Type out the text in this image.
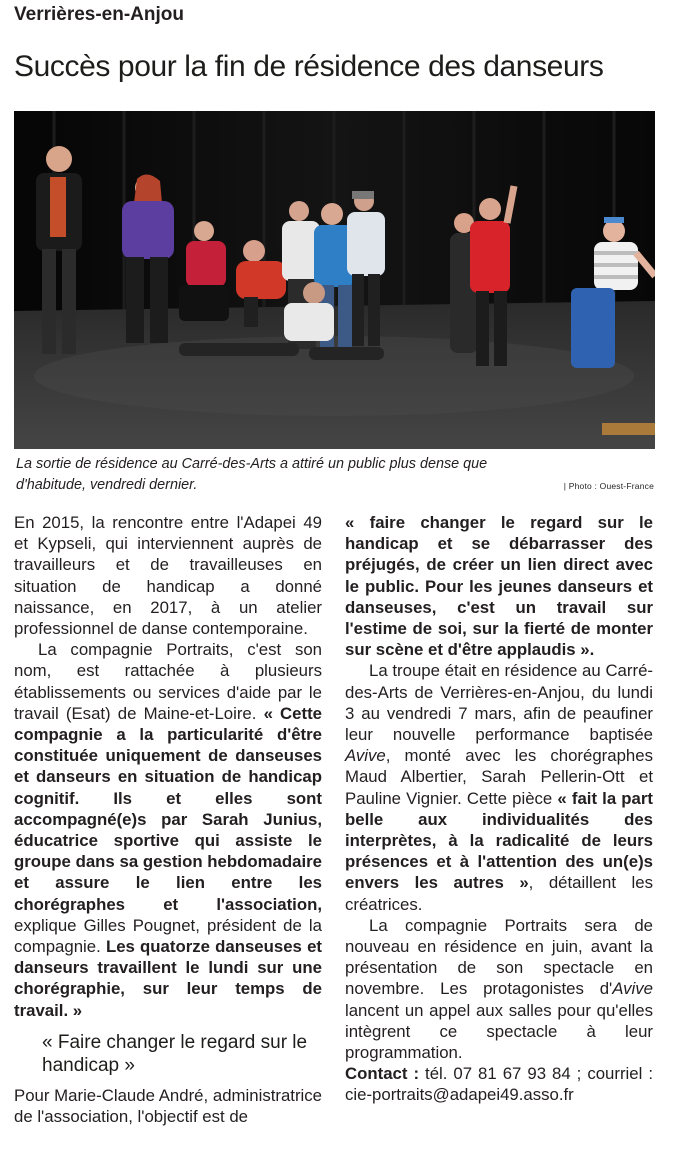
Verrières-en-Anjou
Succès pour la fin de résidence des danseurs
La sortie de résidence au Carré-des-Arts a attiré un public plus dense que d'habitude, vendredi dernier.	| Photo : Ouest-France

En 2015, la rencontre entre l'Adapei 49 et Kypseli, qui interviennent auprès de travailleurs et de travailleuses en situation de handicap a donné naissance, en 2017, à un atelier professionnel de danse contemporaine.

La compagnie Portraits, c'est son nom, est rattachée à plusieurs établissements ou services d'aide par le travail (Esat) de Maine-et-Loire. « Cette compagnie a la particularité d'être constituée uniquement de danseuses et danseurs en situation de handicap cognitif. Ils et elles sont accompagné(e)s par Sarah Junius, éducatrice sportive qui assiste le groupe dans sa gestion hebdomadaire et assure le lien entre les chorégraphes et l'association, explique Gilles Pougnet, président de la compagnie. Les quatorze danseuses et danseurs travaillent le lundi sur une chorégraphie, sur leur temps de travail. »

« Faire changer le regard sur le handicap »

Pour Marie-Claude André, administratrice de l'association, l'objectif est de

« faire changer le regard sur le handicap et se débarrasser des préjugés, de créer un lien direct avec le public. Pour les jeunes danseurs et danseuses, c'est un travail sur l'estime de soi, sur la fierté de monter sur scène et d'être applaudis ».

La troupe était en résidence au Carré-des-Arts de Verrières-en-Anjou, du lundi 3 au vendredi 7 mars, afin de peaufiner leur nouvelle performance baptisée Avive, monté avec les chorégraphes Maud Albertier, Sarah Pellerin-Ott et Pauline Vignier. Cette pièce « fait la part belle aux individualités des interprètes, à la radicalité de leurs présences et à l'attention des un(e)s envers les autres », détaillent les créatrices.

La compagnie Portraits sera de nouveau en résidence en juin, avant la présentation de son spectacle en novembre. Les protagonistes d'Avive lancent un appel aux salles pour qu'elles intègrent ce spectacle à leur programmation.

Contact : tél. 07 81 67 93 84 ; courriel : cie-portraits@adapei49.asso.fr
